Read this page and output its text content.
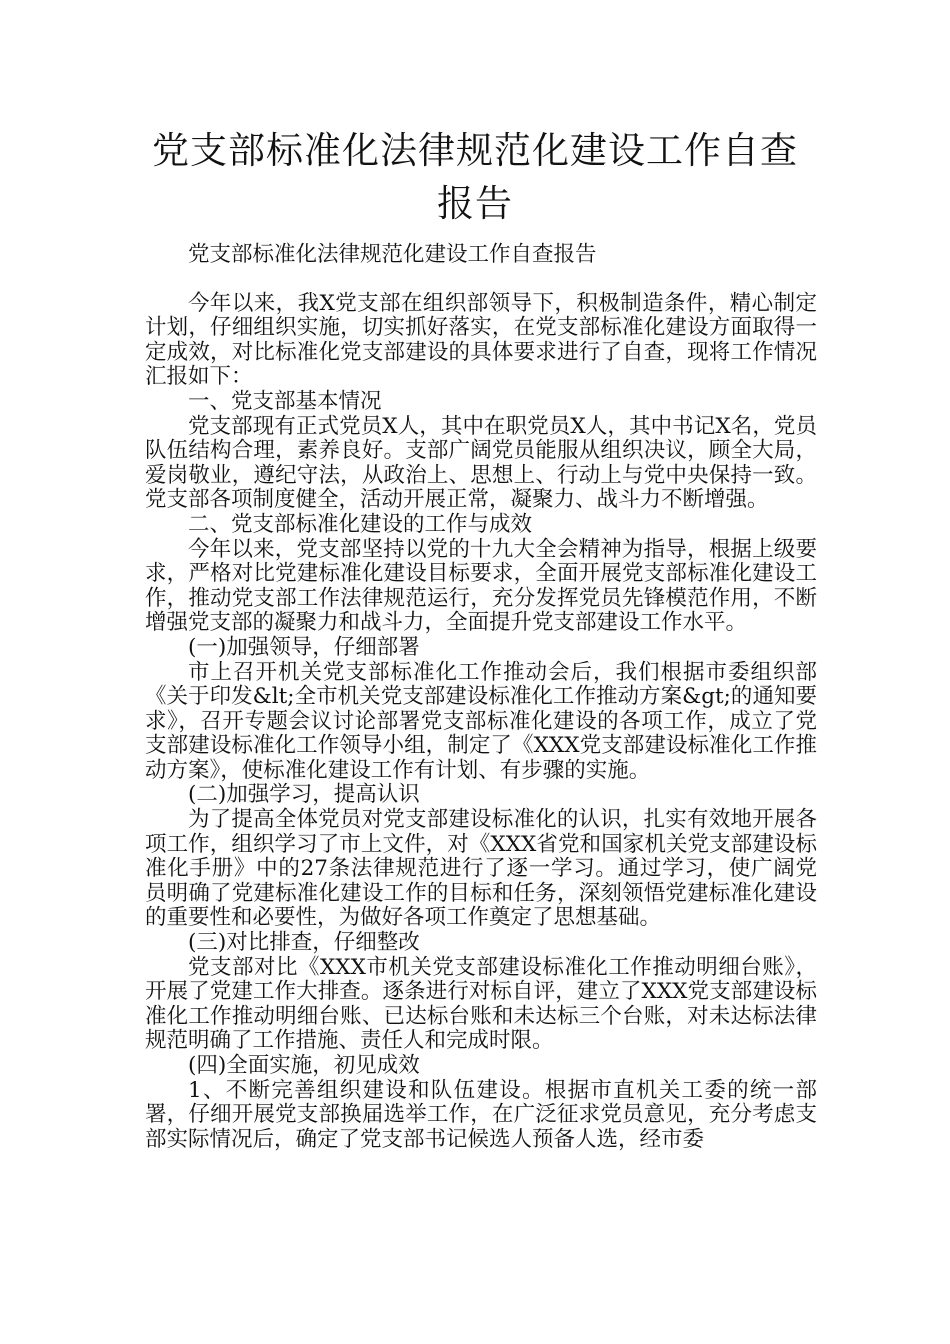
党支部标准化法律规范化建设工作自查报告

党支部标准化法律规范化建设工作自查报告

今年以来，我X党支部在组织部领导下，积极制造条件，精心制定计划，仔细组织实施，切实抓好落实，在党支部标准化建设方面取得一定成效，对比标准化党支部建设的具体要求进行了自查，现将工作情况汇报如下：

一、党支部基本情况

党支部现有正式党员X人，其中在职党员X人，其中书记X名，党员队伍结构合理，素养良好。支部广阔党员能服从组织决议，顾全大局，爱岗敬业，遵纪守法，从政治上、思想上、行动上与党中央保持一致。党支部各项制度健全，活动开展正常，凝聚力、战斗力不断增强。

二、党支部标准化建设的工作与成效

今年以来，党支部坚持以党的十九大全会精神为指导，根据上级要求，严格对比党建标准化建设目标要求，全面开展党支部标准化建设工作，推动党支部工作法律规范运行，充分发挥党员先锋模范作用，不断增强党支部的凝聚力和战斗力，全面提升党支部建设工作水平。

(一)加强领导，仔细部署

市上召开机关党支部标准化工作推动会后，我们根据市委组织部《关于印发&lt;全市机关党支部建设标准化工作推动方案&gt;的通知要求》，召开专题会议讨论部署党支部标准化建设的各项工作，成立了党支部建设标准化工作领导小组，制定了《XXX党支部建设标准化工作推动方案》，使标准化建设工作有计划、有步骤的实施。

(二)加强学习，提高认识

为了提高全体党员对党支部建设标准化的认识，扎实有效地开展各项工作，组织学习了市上文件，对《XXX省党和国家机关党支部建设标准化手册》中的27条法律规范进行了逐一学习。通过学习，使广阔党员明确了党建标准化建设工作的目标和任务，深刻领悟党建标准化建设的重要性和必要性，为做好各项工作奠定了思想基础。

(三)对比排查，仔细整改

党支部对比《XXX市机关党支部建设标准化工作推动明细台账》，开展了党建工作大排查。逐条进行对标自评，建立了XXX党支部建设标准化工作推动明细台账、已达标台账和未达标三个台账，对未达标法律规范明确了工作措施、责任人和完成时限。

(四)全面实施，初见成效

1、不断完善组织建设和队伍建设。根据市直机关工委的统一部署，仔细开展党支部换届选举工作，在广泛征求党员意见，充分考虑支部实际情况后，确定了党支部书记候选人预备人选，经市委
